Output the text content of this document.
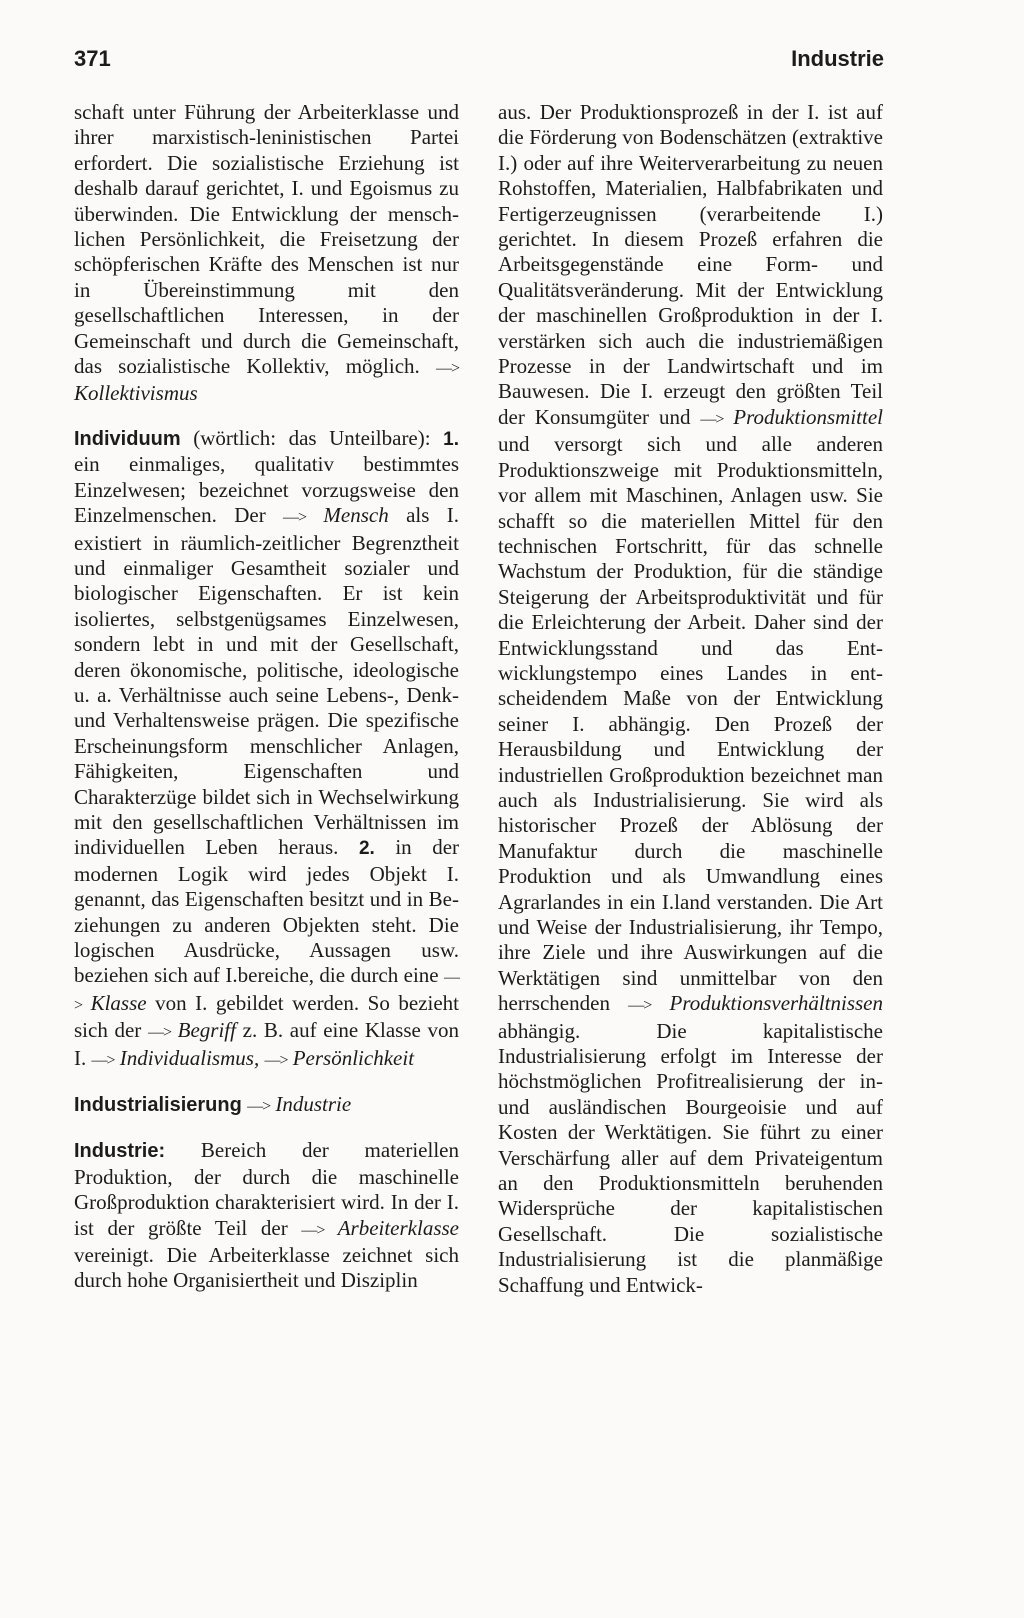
371	Industrie

schaft unter Führung der Arbeiterklasse und ihrer marxistisch-leninistischen Partei erfordert. Die sozialistische Erziehung ist deshalb darauf gerichtet, I. und Egoismus zu überwinden. Die Entwicklung der menschlichen Persönlichkeit, die Freisetzung der schöpferischen Kräfte des Menschen ist nur in Übereinstimmung mit den gesellschaftlichen Interessen, in der Gemeinschaft und durch die Gemeinschaft, das sozialistische Kollektiv, möglich. —> Kollektivismus

Individuum (wörtlich: das Unteilbare): 1. ein einmaliges, qualitativ bestimmtes Einzelwesen; bezeichnet vorzugsweise den Einzelmenschen. Der —> Mensch als I. existiert in räumlich-zeitlicher Begrenztheit und einmaliger Gesamtheit sozialer und biologischer Eigenschaften. Er ist kein isoliertes, selbstgenügsames Einzelwesen, sondern lebt in und mit der Gesellschaft, deren ökonomische, politische, ideologische u. a. Verhältnisse auch seine Lebens-, Denk- und Verhaltensweise prägen. Die spezifische Erscheinungsform menschlicher Anlagen, Fähigkeiten, Eigenschaften und Charakterzüge bildet sich in Wechselwirkung mit den gesellschaftlichen Verhältnissen im individuellen Leben heraus. 2. in der modernen Logik wird jedes Objekt I. genannt, das Eigenschaften besitzt und in Beziehungen zu anderen Objekten steht. Die logischen Ausdrücke, Aussagen usw. beziehen sich auf I.bereiche, die durch eine —> Klasse von I. gebildet werden. So bezieht sich der —> Begriff z. B. auf eine Klasse von I. —> Individualismus, —> Persönlichkeit

Industrialisierung —> Industrie

Industrie: Bereich der materiellen Produktion, der durch die maschinelle Großproduktion charakterisiert wird. In der I. ist der größte Teil der —> Arbeiterklasse vereinigt. Die Arbeiterklasse zeichnet sich durch hohe Organisiertheit und Disziplin

aus. Der Produktionsprozeß in der I. ist auf die Förderung von Bodenschätzen (extraktive I.) oder auf ihre Weiterverarbeitung zu neuen Rohstoffen, Materialien, Halbfabrikaten und Fertigerzeugnissen (verarbeitende I.) gerichtet. In diesem Prozeß erfahren die Arbeitsgegenstände eine Form- und Qualitätsveränderung. Mit der Entwicklung der maschinellen Großproduktion in der I. verstärken sich auch die industriemäßigen Prozesse in der Landwirtschaft und im Bauwesen. Die I. erzeugt den größten Teil der Konsumgüter und —> Produktionsmittel und versorgt sich und alle anderen Produktionszweige mit Produktionsmitteln, vor allem mit Maschinen, Anlagen usw. Sie schafft so die materiellen Mittel für den technischen Fortschritt, für das schnelle Wachstum der Produktion, für die ständige Steigerung der Arbeitsproduktivität und für die Erleichterung der Arbeit. Daher sind der Entwicklungsstand und das Entwicklungstempo eines Landes in entscheidendem Maße von der Entwicklung seiner I. abhängig. Den Prozeß der Herausbildung und Entwicklung der industriellen Großproduktion bezeichnet man auch als Industrialisierung. Sie wird als historischer Prozeß der Ablösung der Manufaktur durch die maschinelle Produktion und als Umwandlung eines Agrarlandes in ein I.land verstanden. Die Art und Weise der Industrialisierung, ihr Tempo, ihre Ziele und ihre Auswirkungen auf die Werktätigen sind unmittelbar von den herrschenden —> Produktionsverhältnissen abhängig. Die kapitalistische Industrialisierung erfolgt im Interesse der höchstmöglichen Profitrealisierung der in- und ausländischen Bourgeoisie und auf Kosten der Werktätigen. Sie führt zu einer Verschärfung aller auf dem Privateigentum an den Produktionsmitteln beruhenden Widersprüche der kapitalistischen Gesellschaft. Die sozialistische Industrialisierung ist die planmäßige Schaffung und Entwick-
